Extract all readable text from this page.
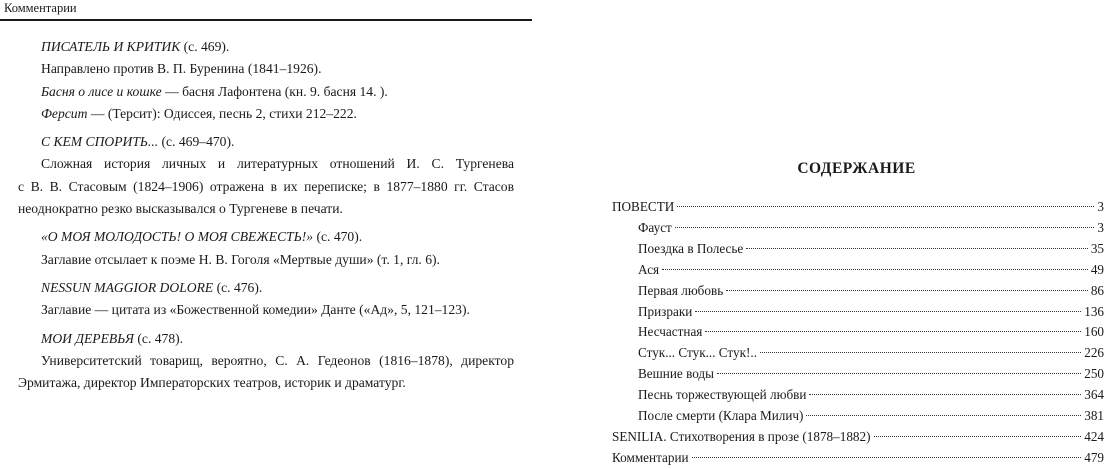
Комментарии
ПИСАТЕЛЬ И КРИТИК (с. 469).
Направлено против В. П. Буренина (1841–1926).
Басня о лисе и кошке — басня Лафонтена (кн. 9. басня 14. ).
Ферсит — (Терсит): Одиссея, песнь 2, стихи 212–222.
С КЕМ СПОРИТЬ... (с. 469–470).
Сложная история личных и литературных отношений И. С. Тургенева
с В. В. Стасовым (1824–1906) отражена в их переписке; в 1877–1880 гг. Стасов
неоднократно резко высказывался о Тургеневе в печати.
«О МОЯ МОЛОДОСТЬ! О МОЯ СВЕЖЕСТЬ!» (с. 470).
Заглавие отсылает к поэме Н. В. Гоголя «Мертвые души» (т. 1, гл. 6).
NESSUN MAGGIOR DOLORE (с. 476).
Заглавие — цитата из «Божественной комедии» Данте («Ад», 5, 121–123).
МОИ ДЕРЕВЬЯ (с. 478).
Университетский товарищ, вероятно, С. А. Гедеонов (1816–1878), директор
Эрмитажа, директор Императорских театров, историк и драматург.
СОДЕРЖАНИЕ
ПОВЕСТИ	3
Фауст	3
Поездка в Полесье	35
Ася	49
Первая любовь	86
Призраки	136
Несчастная	160
Стук... Стук... Стук!..	226
Вешние воды	250
Песнь торжествующей любви	364
После смерти (Клара Милич)	381
SENILIA. Стихотворения в прозе (1878–1882)	424
Комментарии	479
